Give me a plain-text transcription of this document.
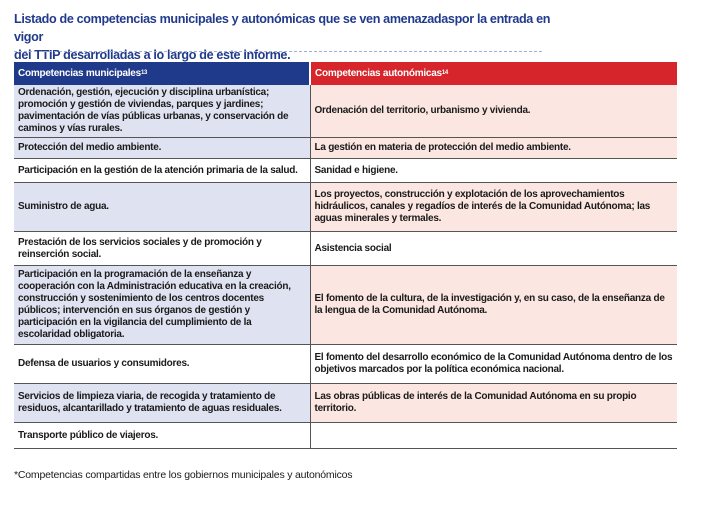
Listado de competencias municipales y autonómicas que se ven amenazadaspor la entrada en vigor
del TTIP desarrolladas a lo largo de este informe.
Competencias municipales$^{13}$	Competencias autonómicas$^{14}$
Ordenación, gestión, ejecución y disciplina urbanística; promoción y gestión de viviendas, parques y jardines; pavimentación de vías públicas urbanas, y conservación de caminos y vías rurales.	Ordenación del territorio, urbanismo y vivienda.
Protección del medio ambiente.	La gestión en materia de protección del medio ambiente.
Participación en la gestión de la atención primaria de la salud.	Sanidad e higiene.
Suministro de agua.	Los proyectos, construcción y explotación de los aprovechamientos hidráulicos, canales y regadíos de interés de la Comunidad Autónoma; las aguas minerales y termales.
Prestación de los servicios sociales y de promoción y reinserción social.	Asistencia social
Participación en la programación de la enseñanza y cooperación con la Administración educativa en la creación, construcción y sostenimiento de los centros docentes públicos; intervención en sus órganos de gestión y participación en la vigilancia del cumplimiento de la escolaridad obligatoria.	El fomento de la cultura, de la investigación y, en su caso, de la enseñanza de la lengua de la Comunidad Autónoma.
Defensa de usuarios y consumidores.	El fomento del desarrollo económico de la Comunidad Autónoma dentro de los objetivos marcados por la política económica nacional.
Servicios de limpieza viaria, de recogida y tratamiento de residuos, alcantarillado y tratamiento de aguas residuales.	Las obras públicas de interés de la Comunidad Autónoma en su propio territorio.
Transporte público de viajeros.	
*Competencias compartidas entre los gobiernos municipales y autonómicos
